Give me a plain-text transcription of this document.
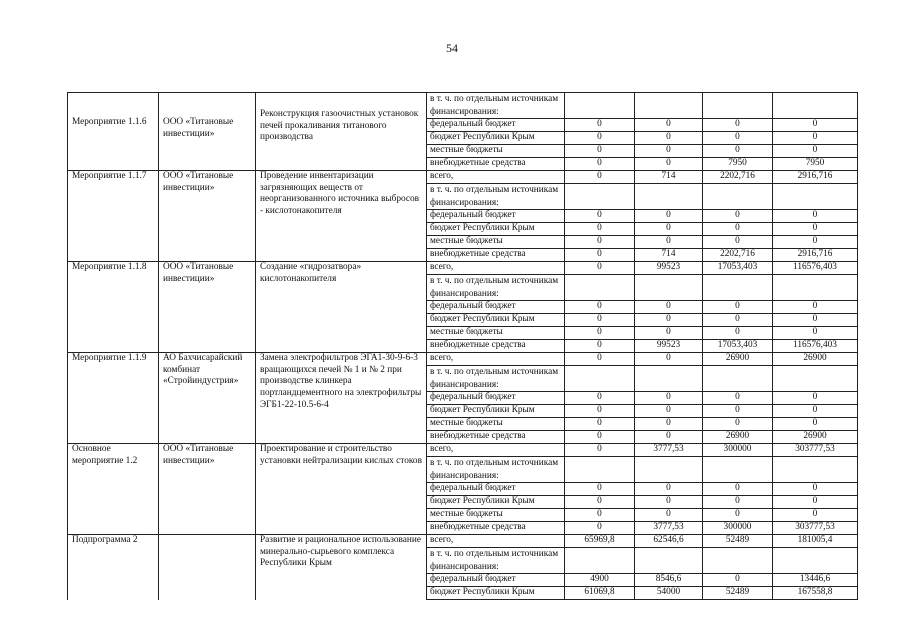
54
Мероприятие 1.1.6	ООО «Титановые инвестиции»	Реконструкция газоочистных установок печей прокаливания титанового производства	в т. ч. по отдельным источникам финансирования:				

			федеральный бюджет	0	0	0	0
			бюджет Республики Крым	0	0	0	0
			местные бюджеты	0	0	0	0
			внебюджетные средства	0	0	7950	7950
Мероприятие 1.1.7	ООО «Титановые инвестиции»	Проведение инвентаризации загрязняющих веществ от неорганизованного источника выбросов - кислотонакопителя	всего,	0	714	2202,716	2916,716
			в т. ч. по отдельным источникам финансирования:				

			федеральный бюджет	0	0	0	0
			бюджет Республики Крым	0	0	0	0
			местные бюджеты	0	0	0	0
			внебюджетные средства	0	714	2202,716	2916,716
Мероприятие 1.1.8	ООО «Титановые инвестиции»	Создание «гидрозатвора» кислотонакопителя	всего,	0	99523	17053,403	116576,403
			в т. ч. по отдельным источникам финансирования:				

			федеральный бюджет	0	0	0	0
			бюджет Республики Крым	0	0	0	0
			местные бюджеты	0	0	0	0
			внебюджетные средства	0	99523	17053,403	116576,403
Мероприятие 1.1.9	АО Бахчисарайский комбинат «Стройиндустрия»	Замена электрофильтров ЭГА1-30-9-6-3 вращающихся печей № 1 и № 2 при производстве клинкера портландцементного на электрофильтры ЭГБ1-22-10.5-6-4	всего,	0	0	26900	26900
			в т. ч. по отдельным источникам финансирования:				

			федеральный бюджет	0	0	0	0
			бюджет Республики Крым	0	0	0	0
			местные бюджеты	0	0	0	0
			внебюджетные средства	0	0	26900	26900
Основное мероприятие 1.2	ООО «Титановые инвестиции»	Проектирование и строительство установки нейтрализации кислых стоков	всего,	0	3777,53	300000	303777,53
			в т. ч. по отдельным источникам финансирования:				

			федеральный бюджет	0	0	0	0
			бюджет Республики Крым	0	0	0	0
			местные бюджеты	0	0	0	0
			внебюджетные средства	0	3777,53	300000	303777,53
Подпрограмма 2		Развитие и рациональное использование минерально-сырьевого комплекса Республики Крым	всего,	65969,8	62546,6	52489	181005,4
			в т. ч. по отдельным источникам финансирования:				

			федеральный бюджет	4900	8546,6	0	13446,6
			бюджет Республики Крым	61069,8	54000	52489	167558,8
